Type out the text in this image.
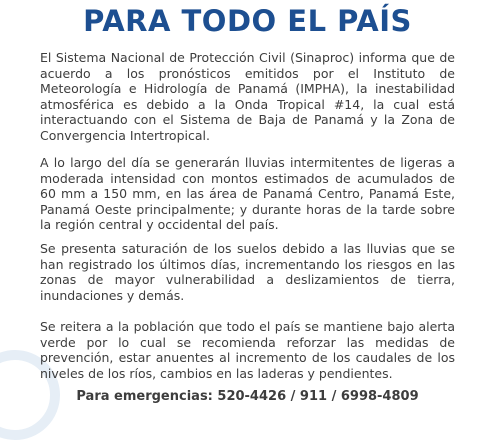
PARA TODO EL PAÍS

El Sistema Nacional de Protección Civil (Sinaproc) informa que de acuerdo a los pronósticos emitidos por el Instituto de Meteorología e Hidrología de Panamá (IMPHA), la inestabilidad atmosférica es debido a la Onda Tropical #14, la cual está interactuando con el Sistema de Baja de Panamá y la Zona de Convergencia Intertropical.

A lo largo del día se generarán lluvias intermitentes de ligeras a moderada intensidad con montos estimados de acumulados de 60 mm a 150 mm, en las área de Panamá Centro, Panamá Este, Panamá Oeste principalmente; y durante horas de la tarde sobre la región central y occidental del país.

Se presenta saturación de los suelos debido a las lluvias que se han registrado los últimos días, incrementando los riesgos en las zonas de mayor vulnerabilidad a deslizamientos de tierra, inundaciones y demás.

Se reitera a la población que todo el país se mantiene bajo alerta verde por lo cual se recomienda reforzar las medidas de prevención, estar anuentes al incremento de los caudales de los niveles de los ríos, cambios en las laderas y pendientes.

Para emergencias: 520-4426 / 911 / 6998-4809
